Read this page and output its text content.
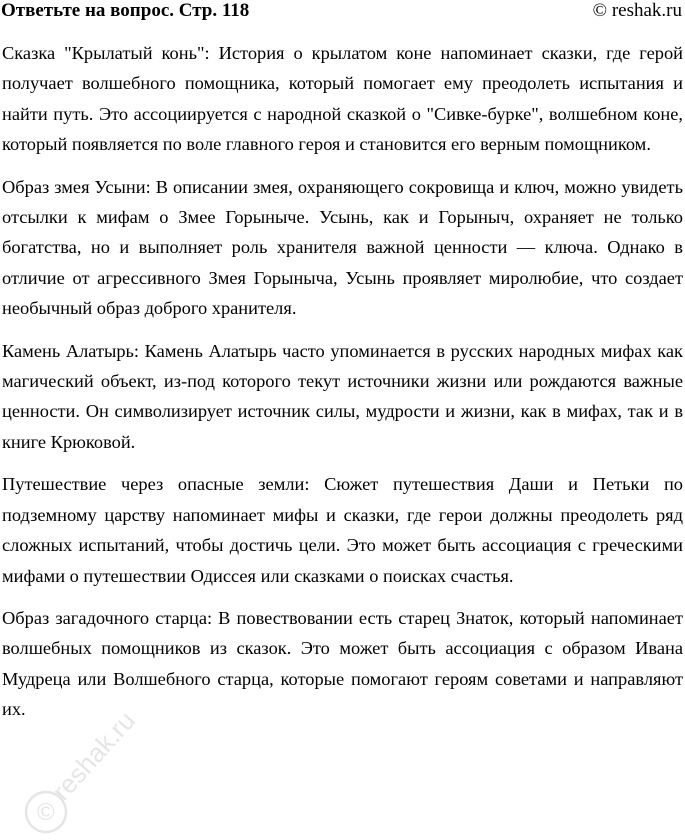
Ответьте на вопрос. Стр. 118	© reshak.ru

Сказка "Крылатый конь": История о крылатом коне напоминает сказки, где герой получает волшебного помощника, который помогает ему преодолеть испытания и найти путь. Это ассоциируется с народной сказкой о "Сивке-бурке", волшебном коне, который появляется по воле главного героя и становится его верным помощником.

Образ змея Усыни: В описании змея, охраняющего сокровища и ключ, можно увидеть отсылки к мифам о Змее Горыныче. Усынь, как и Горыныч, охраняет не только богатства, но и выполняет роль хранителя важной ценности — ключа. Однако в отличие от агрессивного Змея Горыныча, Усынь проявляет миролюбие, что создает необычный образ доброго хранителя.

Камень Алатырь: Камень Алатырь часто упоминается в русских народных мифах как магический объект, из-под которого текут источники жизни или рождаются важные ценности. Он символизирует источник силы, мудрости и жизни, как в мифах, так и в книге Крюковой.

Путешествие через опасные земли: Сюжет путешествия Даши и Петьки по подземному царству напоминает мифы и сказки, где герои должны преодолеть ряд сложных испытаний, чтобы достичь цели. Это может быть ассоциация с греческими мифами о путешествии Одиссея или сказками о поисках счастья.

Образ загадочного старца: В повествовании есть старец Знаток, который напоминает волшебных помощников из сказок. Это может быть ассоциация с образом Ивана Мудреца или Волшебного старца, которые помогают героям советами и направляют их.

©
reshak.ru
